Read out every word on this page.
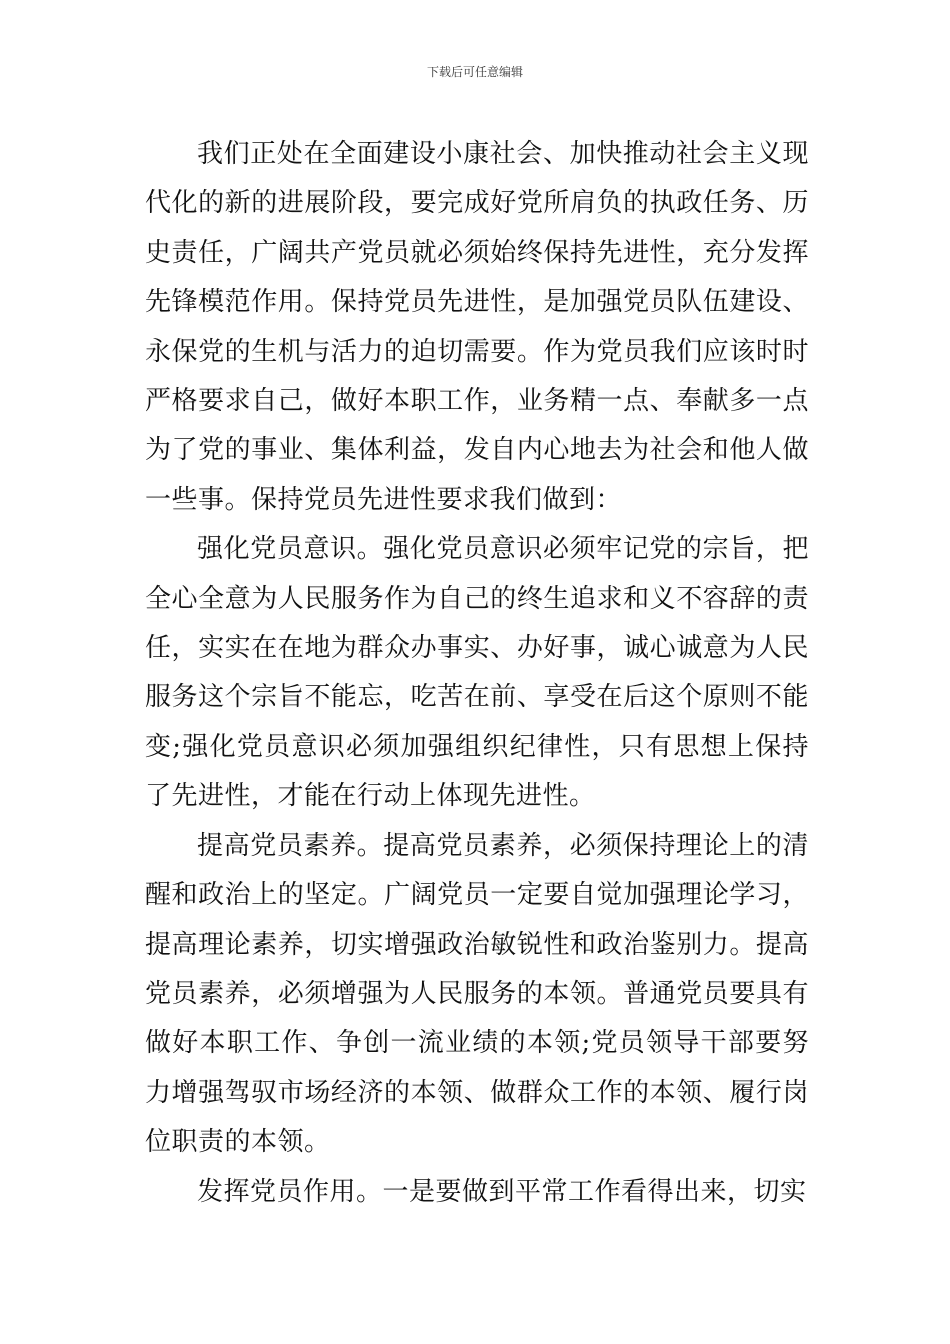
下载后可任意编辑

我们正处在全面建设小康社会、加快推动社会主义现代化的新的进展阶段，要完成好党所肩负的执政任务、历史责任，广阔共产党员就必须始终保持先进性，充分发挥先锋模范作用。保持党员先进性，是加强党员队伍建设、永保党的生机与活力的迫切需要。作为党员我们应该时时严格要求自己，做好本职工作，业务精一点、奉献多一点为了党的事业、集体利益，发自内心地去为社会和他人做一些事。保持党员先进性要求我们做到：

强化党员意识。强化党员意识必须牢记党的宗旨，把全心全意为人民服务作为自己的终生追求和义不容辞的责任，实实在在地为群众办事实、办好事，诚心诚意为人民服务这个宗旨不能忘，吃苦在前、享受在后这个原则不能变;强化党员意识必须加强组织纪律性，只有思想上保持了先进性，才能在行动上体现先进性。

提高党员素养。提高党员素养，必须保持理论上的清醒和政治上的坚定。广阔党员一定要自觉加强理论学习，提高理论素养，切实增强政治敏锐性和政治鉴别力。提高党员素养，必须增强为人民服务的本领。普通党员要具有做好本职工作、争创一流业绩的本领;党员领导干部要努力增强驾驭市场经济的本领、做群众工作的本领、履行岗位职责的本领。

发挥党员作用。一是要做到平常工作看得出来，切实
